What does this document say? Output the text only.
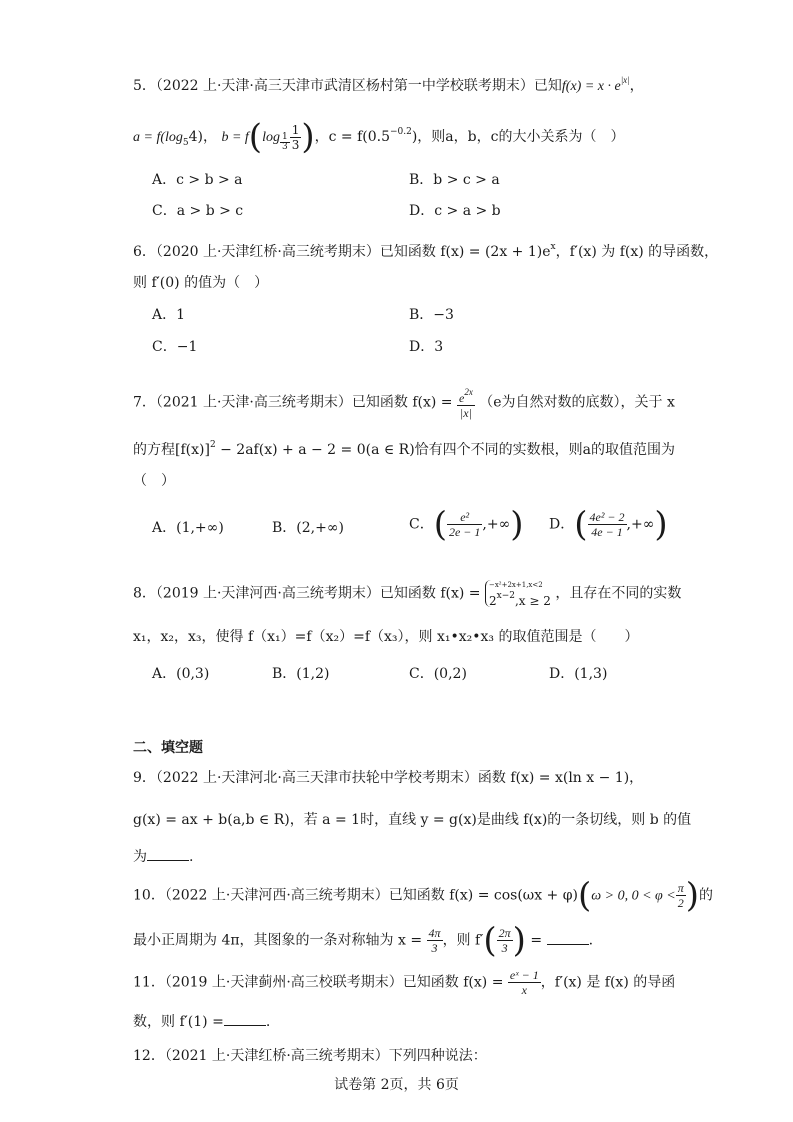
5．（2022 上·天津·高三天津市武清区杨村第一中学校联考期末）已知$f(x) = x \cdot e^{|x|}$，
$a = f(\log_54)$， $b = f(\log \frac{1}{3} \frac{1}{3}$ )，$c = f(0.5^{-0.2})$，则a，b，c的大小关系为（　）
A．c > b > a	B．b > c > a
C．a > b > c	D．c > a > b
6．（2020 上·天津红桥·高三统考期末）已知函数 $f(x) = (2x + 1)e^x$，f′(x) 为 f(x) 的导函数，
则 f′(0) 的值为（　）
A．1	B．−3
C．−1	D．3
7．（2021 上·天津·高三统考期末）已知函数 $f(x) = \frac{e^{2x}}{|x|} (e$为自然对数的底数），关于 x
的方程$[f(x)]^2 - 2af(x) + a - 2 = 0(a$ ∈ R)恰有四个不同的实数根，则a的取值范围为
（　）
A．(1,+∞)	B．(2,+∞)	C．( $\frac{\text{e²}}{2e - 1}$ ,+∞) D．( $\frac{\text{4e² − 2}}{4e - 1}$ ,+∞)
8．（2019 上·天津河西·高三统考期末）已知函数 f(x) =
−x²+2x+1,x<2
$2^{x-2},x \ge 2$ ，且存在不同的实数
x₁，x₂，x₃，使得 f（x₁）=f（x₂）=f（x₃），则 x₁•x₂•x₃ 的取值范围是（　　）
A．(0,3)	B．(1,2)	C．(0,2)	D．(1,3)
二、填空题
9．（2022 上·天津河北·高三天津市扶轮中学校考期末）函数 f(x) = x(ln x − 1)，
g(x) = ax + b(a,b ∈ R)，若 a = 1时，直线 y = g(x)是曲线 f(x)的一条切线，则 b 的值
为	.
10．（2022 上·天津河西·高三统考期末）已知函数 f(x) = cos(ωx + φ)(ω > 0, $0 < \varphi < \frac{\pi}{2}$ )的
最小正周期为 4π，其图象的一条对称轴为 $x = \frac{4\pi}{3}$ ，则 $f'( \frac{2\pi}{3}$ ) =	.
11．（2019 上·天津蓟州·高三校联考期末）已知函数 $f(x) = \frac{\text{eˣ − 1}}{x}$ ，f′(x) 是 f(x) 的导函
数，则 f′(1) =	.
12．（2021 上·天津红桥·高三统考期末）下列四种说法：
试卷第 2页，共 6页
